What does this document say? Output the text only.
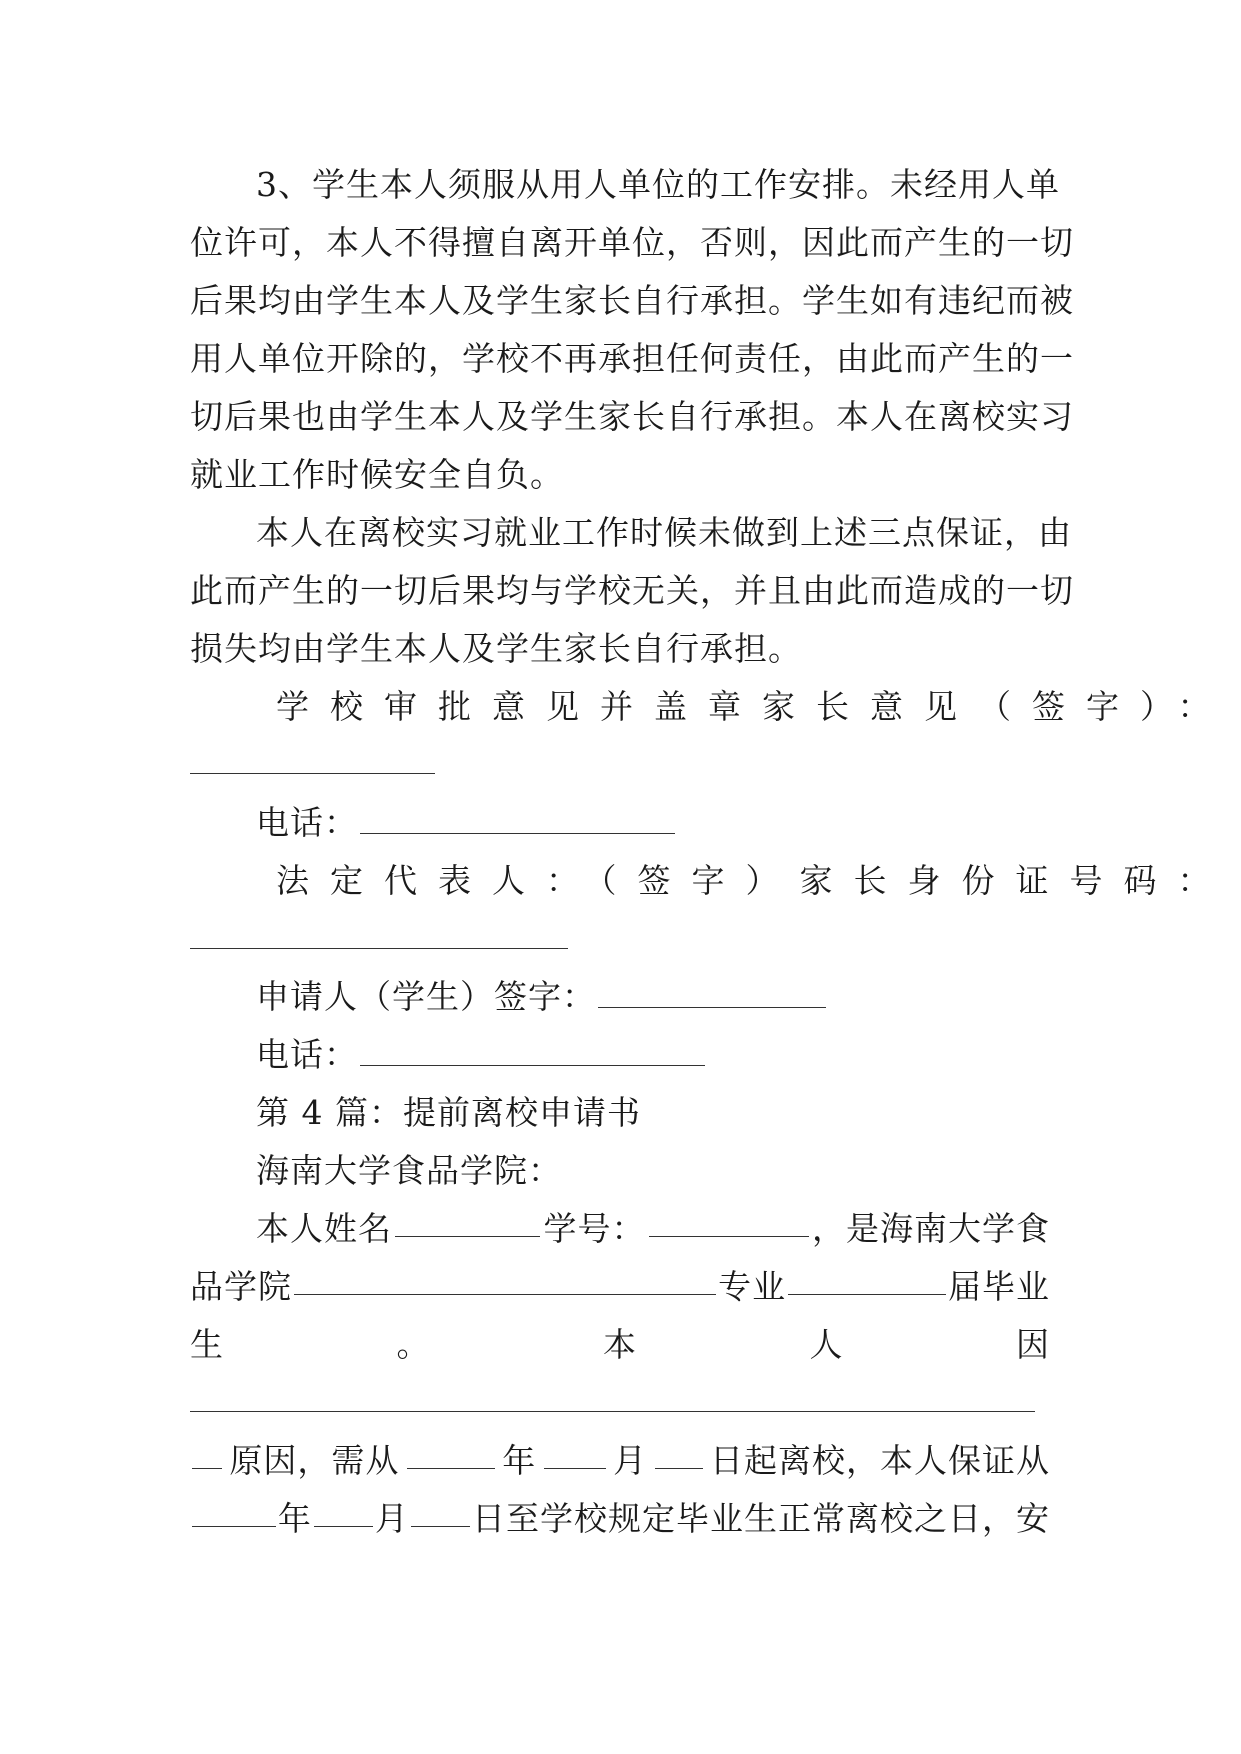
3、学生本人须服从用人单位的工作安排。未经用人单
位许可，本人不得擅自离开单位，否则，因此而产生的一切
后果均由学生本人及学生家长自行承担。学生如有违纪而被
用人单位开除的，学校不再承担任何责任，由此而产生的一
切后果也由学生本人及学生家长自行承担。本人在离校实习
就业工作时候安全自负。
本人在离校实习就业工作时候未做到上述三点保证，由
此而产生的一切后果均与学校无关，并且由此而造成的一切
损失均由学生本人及学生家长自行承担。
学校审批意见并盖章家长意见（签字）：
电话：
法定代表人：（签字）家长身份证号码：
申请人（学生）签字：
电话：
第 4 篇：提前离校申请书
海南大学食品学院：
本人姓名	学号：	，是海南大学食
品学院	专业	届毕业
生	。	本	人	因
原因，需从	年 月 日起离校，本人保证从
年 月 日至学校规定毕业生正常离校之日，安
